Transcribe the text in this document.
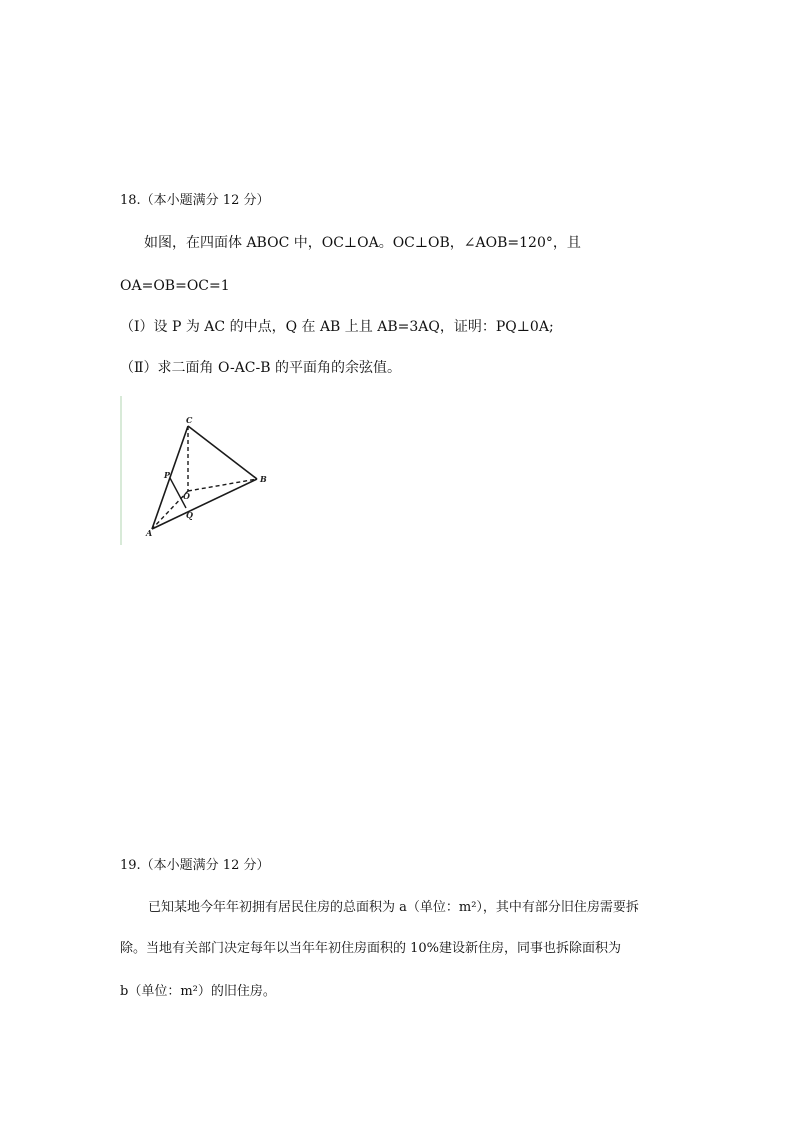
18.（本小题满分 12 分）
如图，在四面体 ABOC 中，OC⊥OA。OC⊥OB，∠AOB=120°，且
OA=OB=OC=1
（Ⅰ）设 P 为 AC 的中点，Q 在 AB 上且 AB=3AQ，证明：PQ⊥0A;
（Ⅱ）求二面角 O-AC-B 的平面角的余弦值。
C
B
P
O
Q
A
19.（本小题满分 12 分）
已知某地今年年初拥有居民住房的总面积为 a（单位：m²），其中有部分旧住房需要拆
除。当地有关部门决定每年以当年年初住房面积的 10%建设新住房，同事也拆除面积为
b（单位：m²）的旧住房。
